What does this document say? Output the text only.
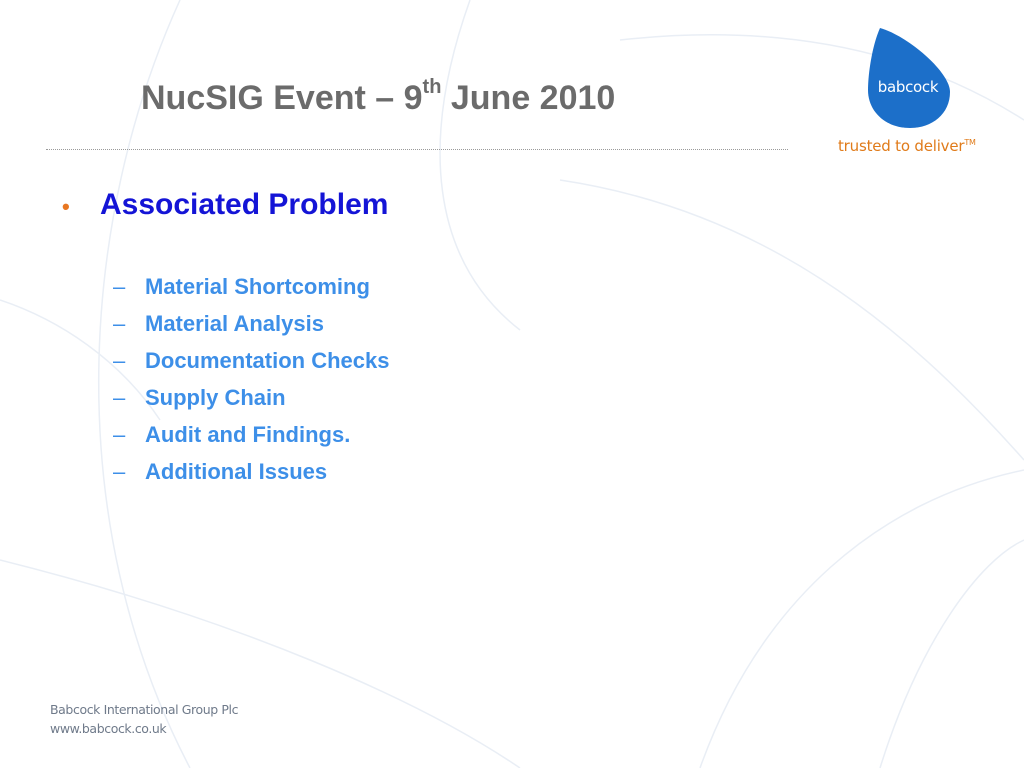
NucSIG Event – 9th June 2010	babcock
trusted to deliver™
•	Associated Problem
– Material Shortcoming
– Material Analysis
– Documentation Checks
– Supply Chain
– Audit and Findings.
– Additional Issues
Babcock International Group Plc
www.babcock.co.uk
